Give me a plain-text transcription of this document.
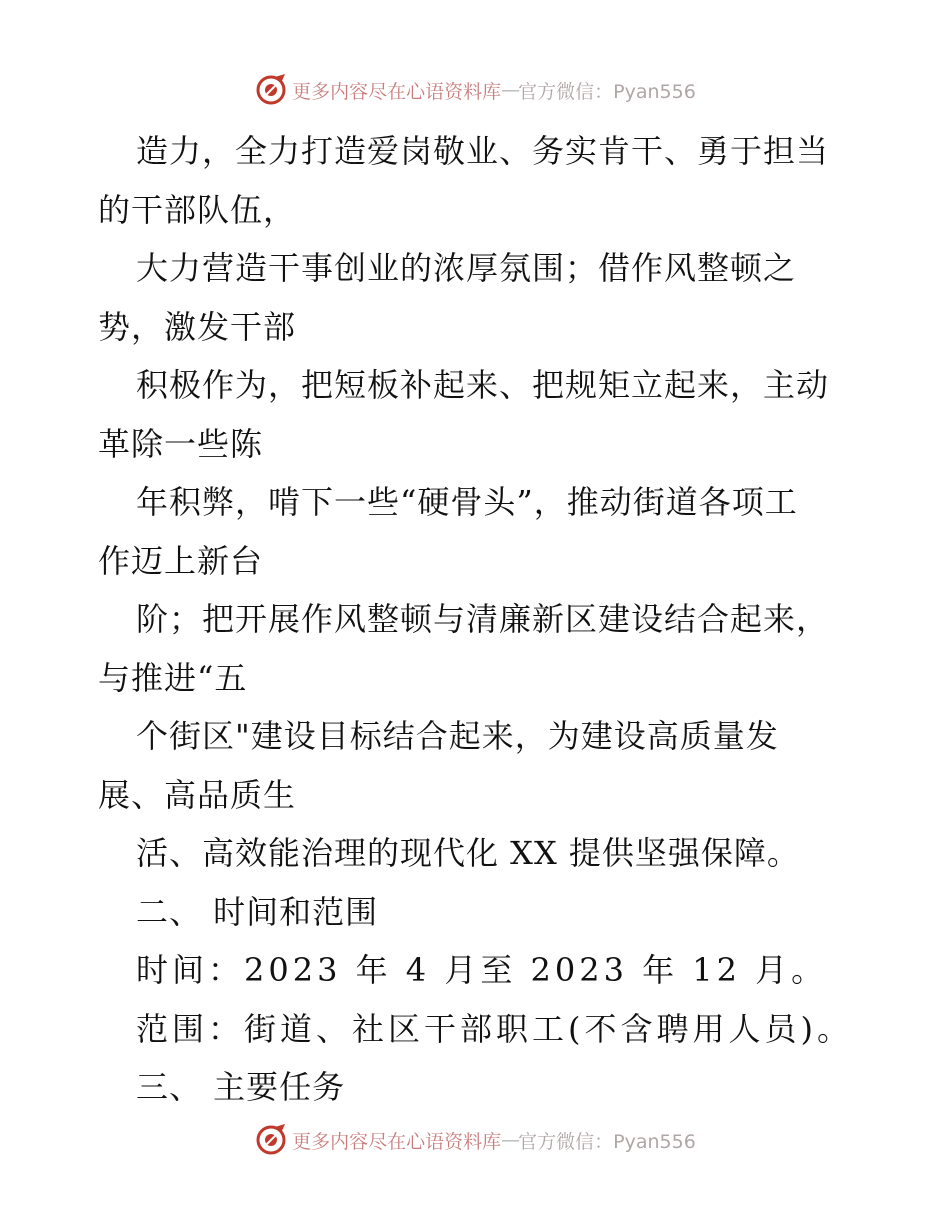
更多内容尽在心语资料库 — 官方微信：Pyan556
造力，全力打造爱岗敬业、务实肯干、勇于担当
的干部队伍，
大力营造干事创业的浓厚氛围；借作风整顿之
势，激发干部
积极作为，把短板补起来、把规矩立起来，主动
革除一些陈
年积弊，啃下一些“硬骨头”，推动街道各项工
作迈上新台
阶；把开展作风整顿与清廉新区建设结合起来，
与推进“五
个街区"建设目标结合起来，为建设高质量发
展、高品质生
活、高效能治理的现代化 XX 提供坚强保障。
二、 时间和范围
时间：2023 年 4 月至 2023 年 12 月。
范围：街道、社区干部职工(不含聘用人员)。
三、 主要任务
更多内容尽在心语资料库 — 官方微信：Pyan556
